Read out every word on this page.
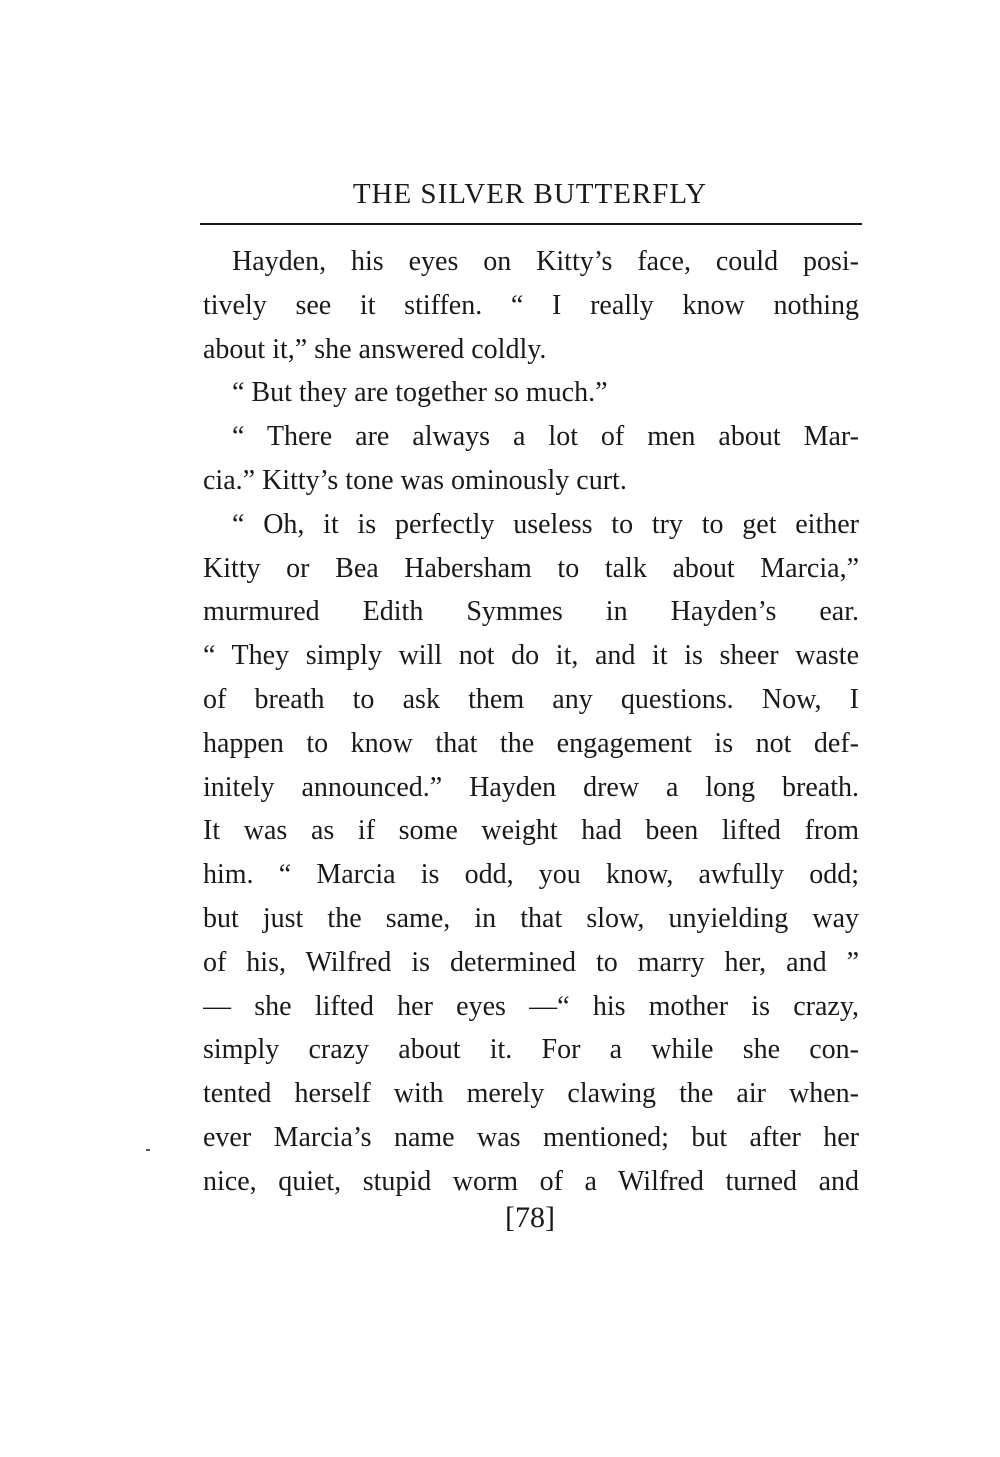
THE SILVER BUTTERFLY
Hayden, his eyes on Kitty’s face, could posi-
tively see it stiffen. “ I really know nothing
about it,” she answered coldly.
“ But they are together so much.”
“ There are always a lot of men about Mar-
cia.” Kitty’s tone was ominously curt.
“ Oh, it is perfectly useless to try to get either
Kitty or Bea Habersham to talk about Marcia,”
murmured Edith Symmes in Hayden’s ear.
“ They simply will not do it, and it is sheer waste
of breath to ask them any questions. Now, I
happen to know that the engagement is not def-
initely announced.” Hayden drew a long breath.
It was as if some weight had been lifted from
him. “ Marcia is odd, you know, awfully odd;
but just the same, in that slow, unyielding way
of his, Wilfred is determined to marry her, and ”
— she lifted her eyes —“ his mother is crazy,
simply crazy about it. For a while she con-
tented herself with merely clawing the air when-
ever Marcia’s name was mentioned; but after her
nice, quiet, stupid worm of a Wilfred turned and
[78]
